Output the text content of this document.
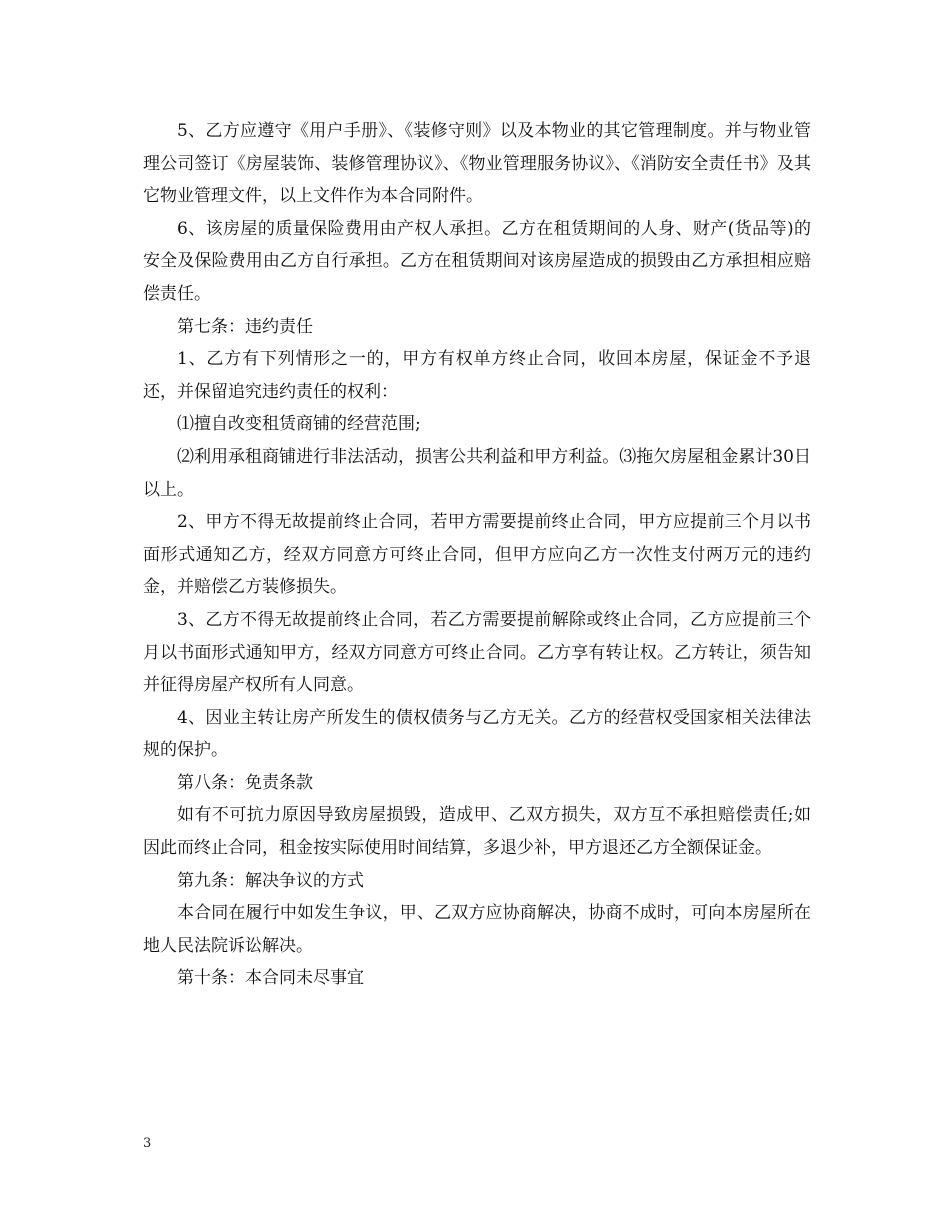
5、乙方应遵守《用户手册》、《装修守则》以及本物业的其它管理制度。并与物业管理公司签订《房屋装饰、装修管理协议》、《物业管理服务协议》、《消防安全责任书》及其它物业管理文件，以上文件作为本合同附件。

6、该房屋的质量保险费用由产权人承担。乙方在租赁期间的人身、财产(货品等)的安全及保险费用由乙方自行承担。乙方在租赁期间对该房屋造成的损毁由乙方承担相应赔偿责任。

第七条：违约责任

1、乙方有下列情形之一的，甲方有权单方终止合同，收回本房屋，保证金不予退还，并保留追究违约责任的权利：

⑴擅自改变租赁商铺的经营范围;

⑵利用承租商铺进行非法活动，损害公共利益和甲方利益。⑶拖欠房屋租金累计30日以上。

2、甲方不得无故提前终止合同，若甲方需要提前终止合同，甲方应提前三个月以书面形式通知乙方，经双方同意方可终止合同，但甲方应向乙方一次性支付两万元的违约金，并赔偿乙方装修损失。

3、乙方不得无故提前终止合同，若乙方需要提前解除或终止合同，乙方应提前三个月以书面形式通知甲方，经双方同意方可终止合同。乙方享有转让权。乙方转让，须告知并征得房屋产权所有人同意。

4、因业主转让房产所发生的债权债务与乙方无关。乙方的经营权受国家相关法律法规的保护。

第八条：免责条款

如有不可抗力原因导致房屋损毁，造成甲、乙双方损失，双方互不承担赔偿责任;如因此而终止合同，租金按实际使用时间结算，多退少补，甲方退还乙方全额保证金。

第九条：解决争议的方式

本合同在履行中如发生争议，甲、乙双方应协商解决，协商不成时，可向本房屋所在地人民法院诉讼解决。

第十条：本合同未尽事宜

3
